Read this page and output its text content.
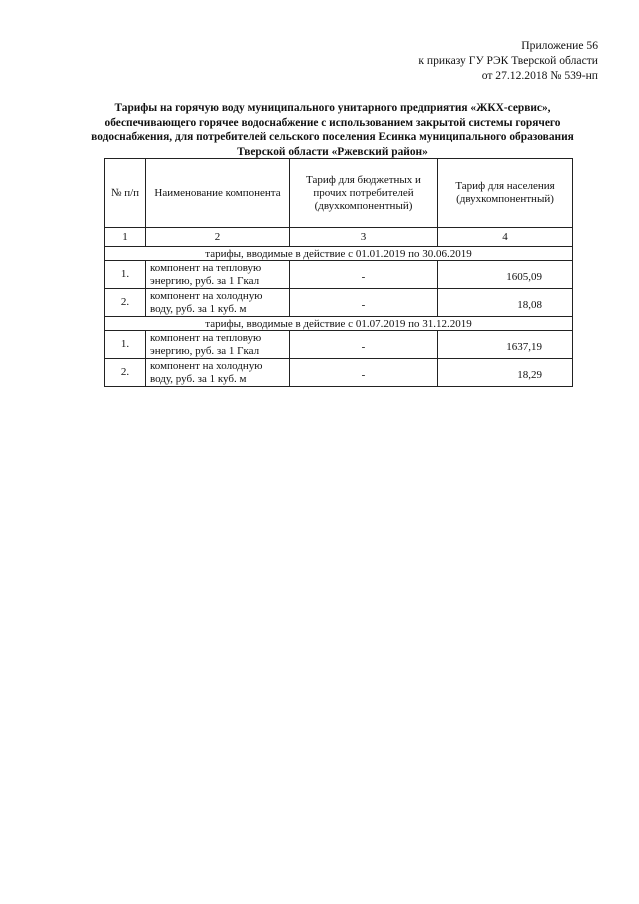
Приложение 56
к приказу ГУ РЭК Тверской области
от 27.12.2018 № 539-нп
Тарифы на горячую воду муниципального унитарного предприятия «ЖКХ-сервис», обеспечивающего горячее водоснабжение с использованием закрытой системы горячего водоснабжения, для потребителей сельского поселения Есинка муниципального образования Тверской области «Ржевский район»
№ п/п	Наименование компонента	Тариф для бюджетных и прочих потребителей (двухкомпонентный)	Тариф для населения (двухкомпонентный)
1	2	3	4
тарифы, вводимые в действие с 01.01.2019 по 30.06.2019			
1.	компонент на тепловую энергию, руб. за 1 Гкал	-	1605,09
2.	компонент на холодную воду, руб. за 1 куб. м	-	18,08
тарифы, вводимые в действие с 01.07.2019 по 31.12.2019			
1.	компонент на тепловую энергию, руб. за 1 Гкал	-	1637,19
2.	компонент на холодную воду, руб. за 1 куб. м	-	18,29
